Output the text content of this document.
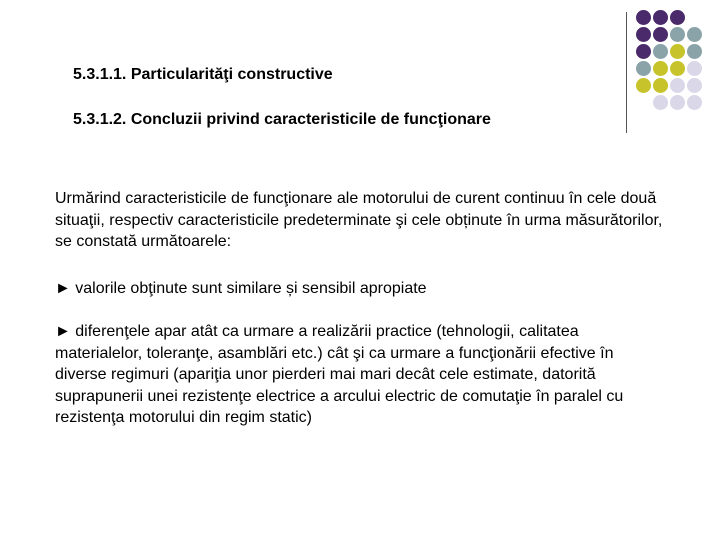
5.3.1.1. Particularităţi constructive

5.3.1.2. Concluzii privind caracteristicile de funcţionare

Urmărind caracteristicile de funcţionare ale motorului de curent continuu în cele două situaţii, respectiv caracteristicile predeterminate şi cele obținute în urma măsurătorilor, se constată următoarele:

► valorile obţinute sunt similare și sensibil apropiate

► diferenţele apar atât ca urmare a realizării practice (tehnologii, calitatea materialelor, toleranţe, asamblări etc.) cât şi ca urmare a funcţionării efective în diverse regimuri (apariţia unor pierderi mai mari decât cele estimate, datorită suprapunerii unei rezistenţe electrice a arcului electric de comutaţie în paralel cu rezistenţa motorului din regim static)
